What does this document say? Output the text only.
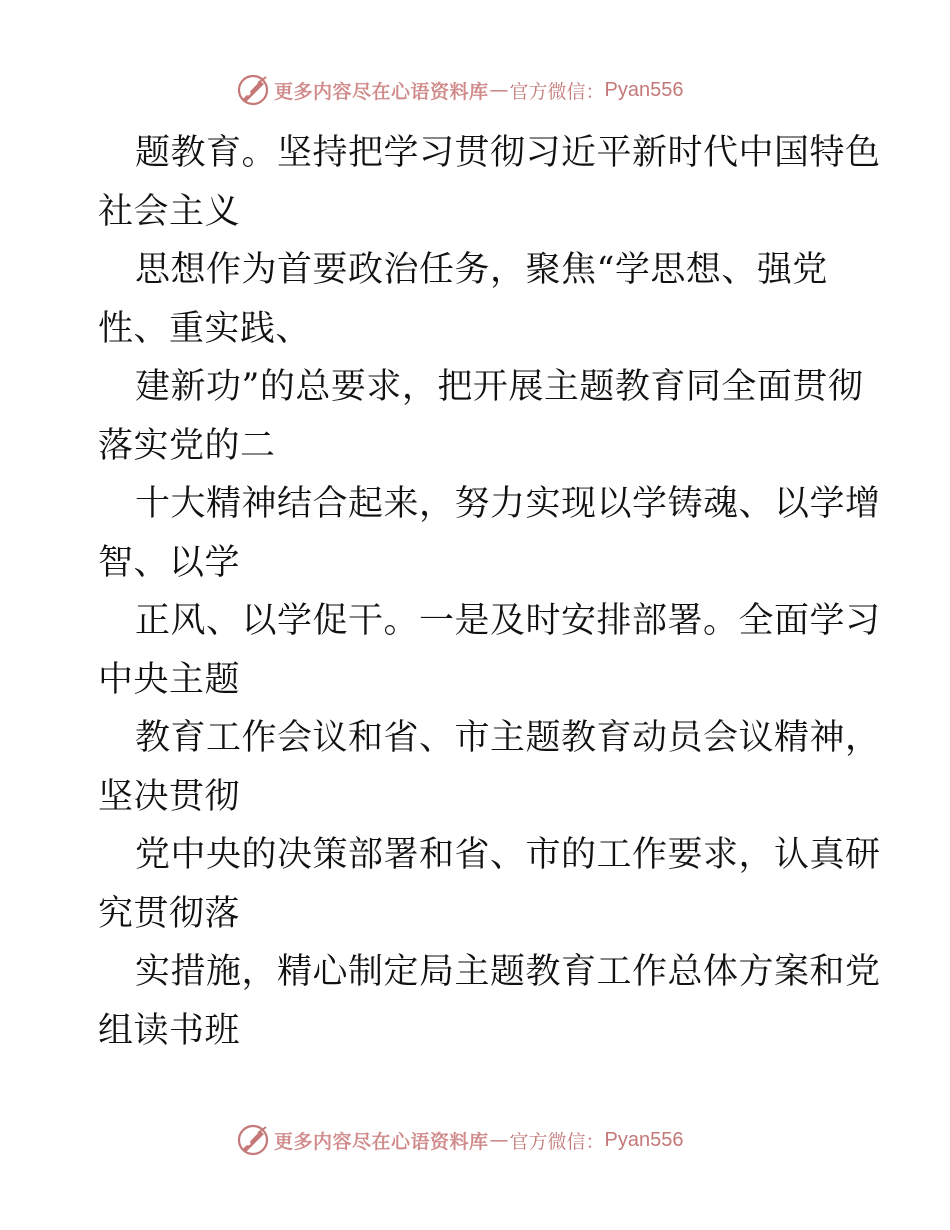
更多内容尽在心语资料库 — 官方微信： Pyan556
题教育。坚持把学习贯彻习近平新时代中国特色
社会主义
思想作为首要政治任务，聚焦“学思想、强党
性、重实践、
建新功”的总要求，把开展主题教育同全面贯彻
落实党的二
十大精神结合起来，努力实现以学铸魂、以学增
智、以学
正风、以学促干。一是及时安排部署。全面学习
中央主题
教育工作会议和省、市主题教育动员会议精神，
坚决贯彻
党中央的决策部署和省、市的工作要求，认真研
究贯彻落
实措施，精心制定局主题教育工作总体方案和党
组读书班
更多内容尽在心语资料库 — 官方微信： Pyan556
